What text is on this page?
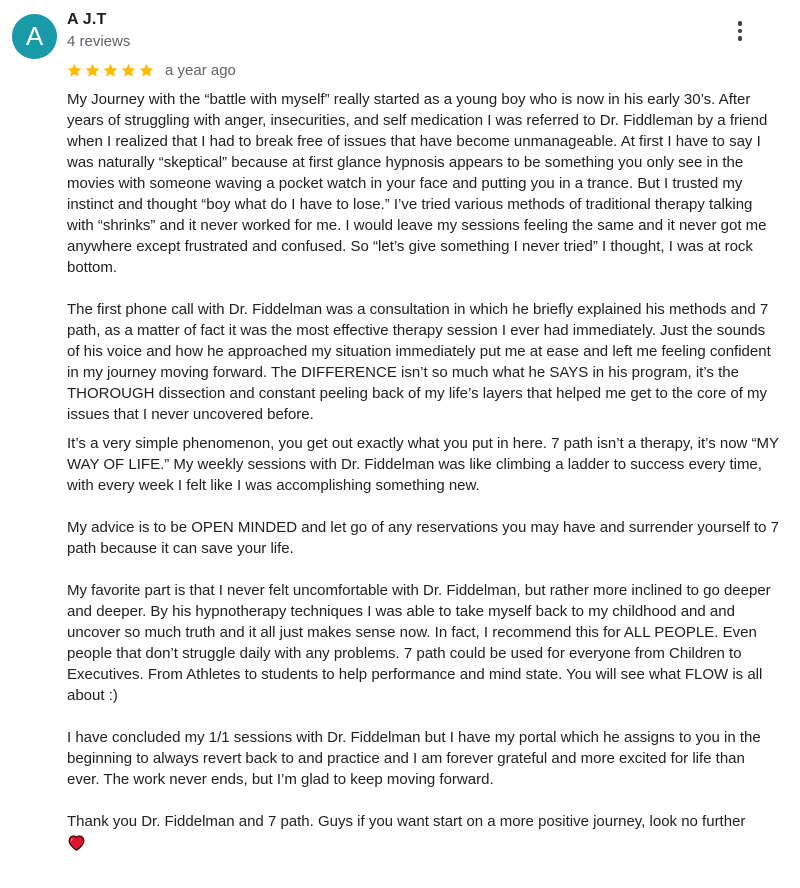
A
A J.T
4 reviews
a year ago

My Journey with the “battle with myself” really started as a young boy who is now in his early 30’s. After years of struggling with anger, insecurities, and self medication I was referred to Dr. Fiddleman by a friend when I realized that I had to break free of issues that have become unmanageable. At first I have to say I was naturally “skeptical” because at first glance hypnosis appears to be something you only see in the movies with someone waving a pocket watch in your face and putting you in a trance. But I trusted my instinct and thought “boy what do I have to lose.” I’ve tried various methods of traditional therapy talking with “shrinks” and it never worked for me. I would leave my sessions feeling the same and it never got me anywhere except frustrated and confused. So “let’s give something I never tried” I thought, I was at rock bottom.

The first phone call with Dr. Fiddelman was a consultation in which he briefly explained his methods and 7 path, as a matter of fact it was the most effective therapy session I ever had immediately. Just the sounds of his voice and how he approached my situation immediately put me at ease and left me feeling confident in my journey moving forward. The DIFFERENCE isn’t so much what he SAYS in his program, it’s the THOROUGH dissection and constant peeling back of my life’s layers that helped me get to the core of my issues that I never uncovered before.

It’s a very simple phenomenon, you get out exactly what you put in here. 7 path isn’t a therapy, it’s now “MY WAY OF LIFE.” My weekly sessions with Dr. Fiddelman was like climbing a ladder to success every time, with every week I felt like I was accomplishing something new.

My advice is to be OPEN MINDED and let go of any reservations you may have and surrender yourself to 7 path because it can save your life.

My favorite part is that I never felt uncomfortable with Dr. Fiddelman, but rather more inclined to go deeper and deeper. By his hypnotherapy techniques I was able to take myself back to my childhood and and uncover so much truth and it all just makes sense now. In fact, I recommend this for ALL PEOPLE. Even people that don’t struggle daily with any problems. 7 path could be used for everyone from Children to Executives. From Athletes to students to help performance and mind state. You will see what FLOW is all about :)

I have concluded my 1/1 sessions with Dr. Fiddelman but I have my portal which he assigns to you in the beginning to always revert back to and practice and I am forever grateful and more excited for life than ever. The work never ends, but I’m glad to keep moving forward.

Thank you Dr. Fiddelman and 7 path. Guys if you want start on a more positive journey, look no further
